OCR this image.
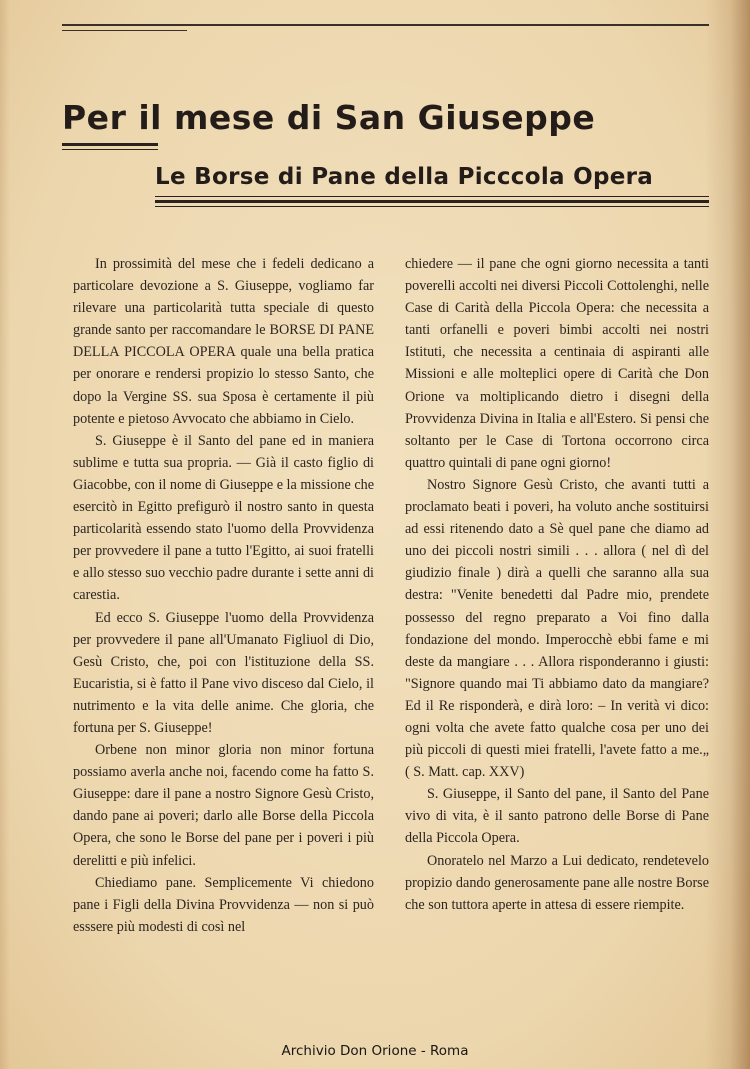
Per il mese di San Giuseppe
Le Borse di Pane della Picccola Opera

In prossimità del mese che i fedeli dedicano a particolare devozione a S. Giuseppe, vogliamo far rilevare una particolarità tutta speciale di questo grande santo per raccomandare le BORSE DI PANE DELLA PICCOLA OPERA quale una bella pratica per onorare e rendersi propizio lo stesso Santo, che dopo la Vergine SS. sua Sposa è certamente il più potente e pietoso Avvocato che abbiamo in Cielo.

S. Giuseppe è il Santo del pane ed in maniera sublime e tutta sua propria. — Già il casto figlio di Giacobbe, con il nome di Giuseppe e la missione che esercitò in Egitto prefigurò il nostro santo in questa particolarità essendo stato l'uomo della Provvidenza per provvedere il pane a tutto l'Egitto, ai suoi fratelli e allo stesso suo vecchio padre durante i sette anni di carestia.

Ed ecco S. Giuseppe l'uomo della Provvidenza per provvedere il pane all'Umanato Figliuol di Dio, Gesù Cristo, che, poi con l'istituzione della SS. Eucaristia, si è fatto il Pane vivo disceso dal Cielo, il nutrimento e la vita delle anime. Che gloria, che fortuna per S. Giuseppe!

Orbene non minor gloria non minor fortuna possiamo averla anche noi, facendo come ha fatto S. Giuseppe: dare il pane a nostro Signore Gesù Cristo, dando pane ai poveri; darlo alle Borse della Piccola Opera, che sono le Borse del pane per i poveri i più derelitti e più infelici.

Chiediamo pane. Semplicemente Vi chiedono pane i Figli della Divina Provvidenza — non si può esssere più modesti di così nel

chiedere — il pane che ogni giorno necessita a tanti poverelli accolti nei diversi Piccoli Cottolenghi, nelle Case di Carità della Piccola Opera: che necessita a tanti orfanelli e poveri bimbi accolti nei nostri Istituti, che necessita a centinaia di aspiranti alle Missioni e alle molteplici opere di Carità che Don Orione va moltiplicando dietro i disegni della Provvidenza Divina in Italia e all'Estero. Si pensi che soltanto per le Case di Tortona occorrono circa quattro quintali di pane ogni giorno!

Nostro Signore Gesù Cristo, che avanti tutti a proclamato beati i poveri, ha voluto anche sostituirsi ad essi ritenendo dato a Sè quel pane che diamo ad uno dei piccoli nostri simili . . . allora ( nel dì del giudizio finale ) dirà a quelli che saranno alla sua destra: "Venite benedetti dal Padre mio, prendete possesso del regno preparato a Voi fino dalla fondazione del mondo. Imperocchè ebbi fame e mi deste da mangiare . . . Allora risponderanno i giusti: "Signore quando mai Ti abbiamo dato da mangiare? Ed il Re risponderà, e dirà loro: – In verità vi dico: ogni volta che avete fatto qualche cosa per uno dei più piccoli di questi miei fratelli, l'avete fatto a me.„ ( S. Matt. cap. XXV)

S. Giuseppe, il Santo del pane, il Santo del Pane vivo di vita, è il santo patrono delle Borse di Pane della Piccola Opera.

Onoratelo nel Marzo a Lui dedicato, rendetevelo propizio dando generosamente pane alle nostre Borse che son tuttora aperte in attesa di essere riempite.

Archivio Don Orione - Roma
